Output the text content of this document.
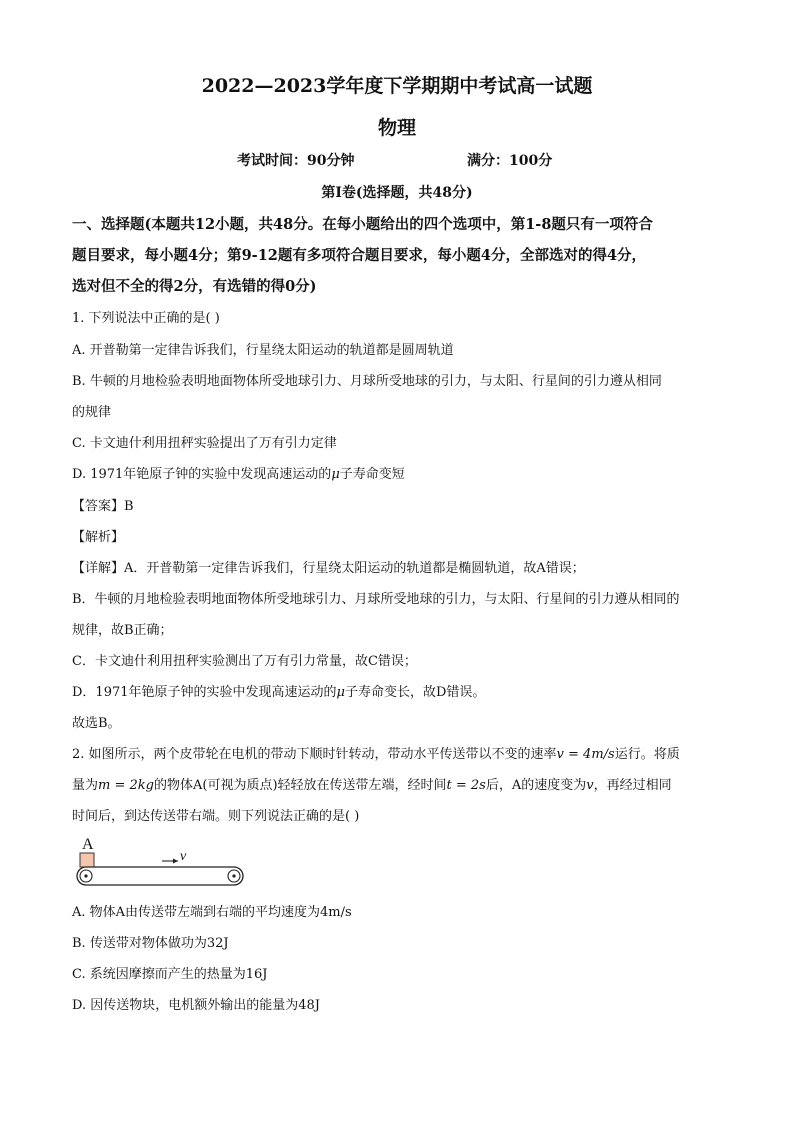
2022—2023学年度下学期期中考试高一试题
物理
考试时间：90分钟	满分：100分
第Ⅰ卷(选择题，共48分)
一、选择题(本题共12小题，共48分。在每小题给出的四个选项中，第1-8题只有一项符合
题目要求，每小题4分；第9-12题有多项符合题目要求，每小题4分，全部选对的得4分，
选对但不全的得2分，有选错的得0分)
1. 下列说法中正确的是( )
A. 开普勒第一定律告诉我们，行星绕太阳运动的轨道都是圆周轨道
B. 牛顿的月地检验表明地面物体所受地球引力、月球所受地球的引力，与太阳、行星间的引力遵从相同
的规律
C. 卡文迪什利用扭秤实验提出了万有引力定律
D. 1971年铯原子钟的实验中发现高速运动的μ子寿命变短
【答案】B
【解析】
【详解】A．开普勒第一定律告诉我们，行星绕太阳运动的轨道都是椭圆轨道，故A错误；
B．牛顿的月地检验表明地面物体所受地球引力、月球所受地球的引力，与太阳、行星间的引力遵从相同的
规律，故B正确；
C．卡文迪什利用扭秤实验测出了万有引力常量，故C错误；
D．1971年铯原子钟的实验中发现高速运动的μ子寿命变长，故D错误。
故选B。
2. 如图所示，两个皮带轮在电机的带动下顺时针转动，带动水平传送带以不变的速率v = 4m/s运行。将质
量为m = 2kg的物体A(可视为质点)轻轻放在传送带左端，经时间t = 2s后，A的速度变为v，再经过相同
时间后，到达传送带右端。则下列说法正确的是( )
A
v
A. 物体A由传送带左端到右端的平均速度为4m/s
B. 传送带对物体做功为32J
C. 系统因摩擦而产生的热量为16J
D. 因传送物块，电机额外输出的能量为48J
